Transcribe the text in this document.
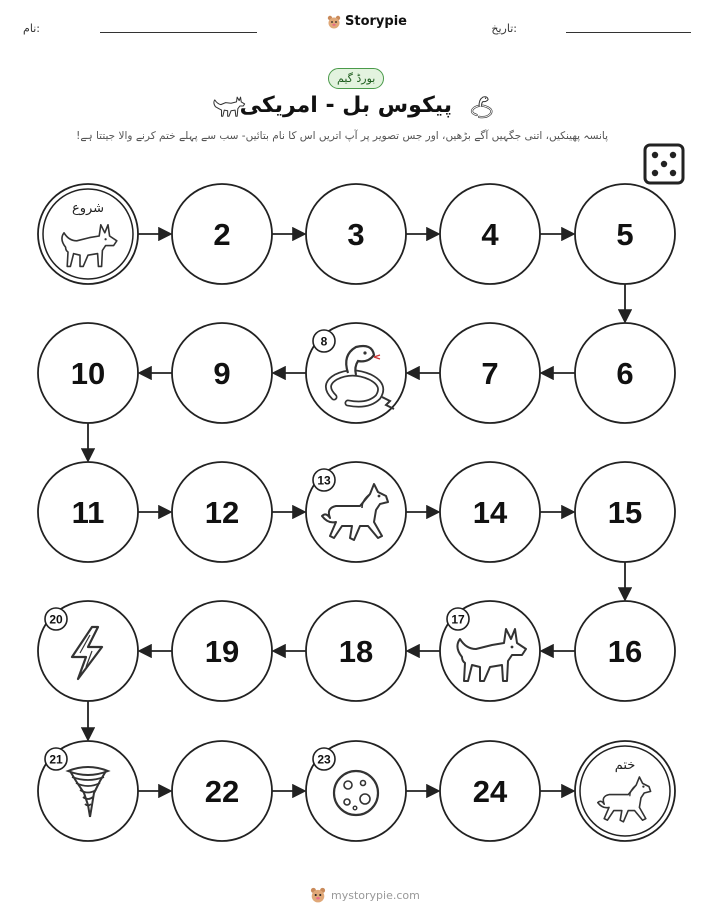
نام:	Storypie	تاریخ:
بورڈ گیم
پیکوس بل - امریکی
پانسہ پھینکیں، اتنی جگہیں آگے بڑھیں، اور جس تصویر پر آپ اتریں اس کا نام بتائیں- سب سے پہلے ختم کرنے والا جیتتا ہے!
شروع
2	3	4	5
6
7
8
9
10
11	12
13
14	15
16
17
18
19
20
21
22
23
24
ختم
mystorypie.com
